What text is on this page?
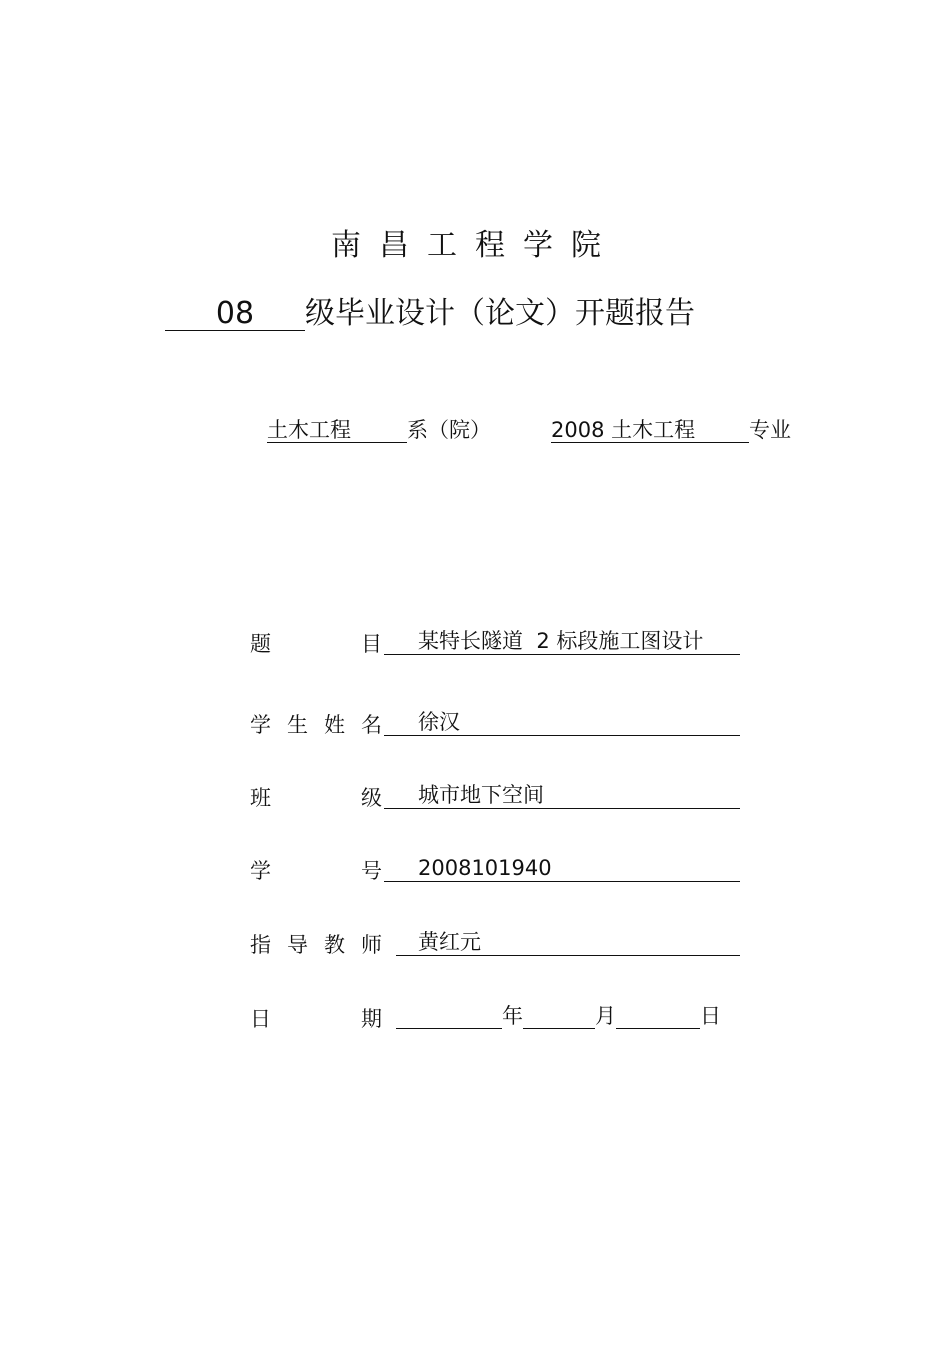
南昌工程学院
08 级毕业设计（论文）开题报告
土木工程	系（院）	2008 土木工程	专业
题	目	某特长隧道  2 标段施工图设计
学 生 姓 名	徐汉
班	级	城市地下空间
学	号	2008101940
指 导 教 师	黄红元
日	期	年	月	日
